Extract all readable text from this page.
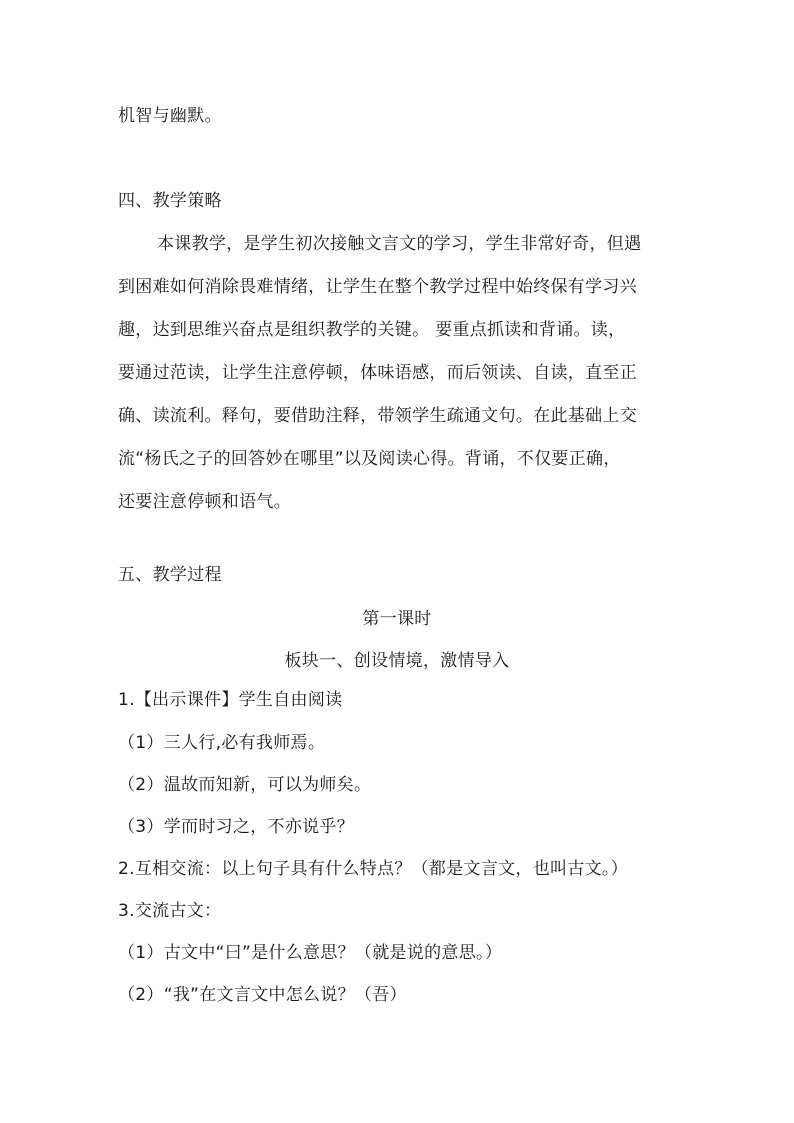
机智与幽默。
四、教学策略
本课教学，是学生初次接触文言文的学习，学生非常好奇，但遇
到困难如何消除畏难情绪，让学生在整个教学过程中始终保有学习兴
趣，达到思维兴奋点是组织教学的关键。 要重点抓读和背诵。读，
要通过范读，让学生注意停顿，体味语感，而后领读、自读，直至正
确、读流利。释句，要借助注释，带领学生疏通文句。在此基础上交
流“杨氏之子的回答妙在哪里”以及阅读心得。背诵，不仅要正确，
还要注意停顿和语气。
五、教学过程
第一课时
板块一、创设情境，激情导入
1.【出示课件】学生自由阅读
（1）三人行,必有我师焉。
（2）温故而知新，可以为师矣。
（3）学而时习之，不亦说乎？
2.互相交流：以上句子具有什么特点？（都是文言文，也叫古文。）
3.交流古文：
（1）古文中“曰”是什么意思？（就是说的意思。）
（2）“我”在文言文中怎么说？（吾）
